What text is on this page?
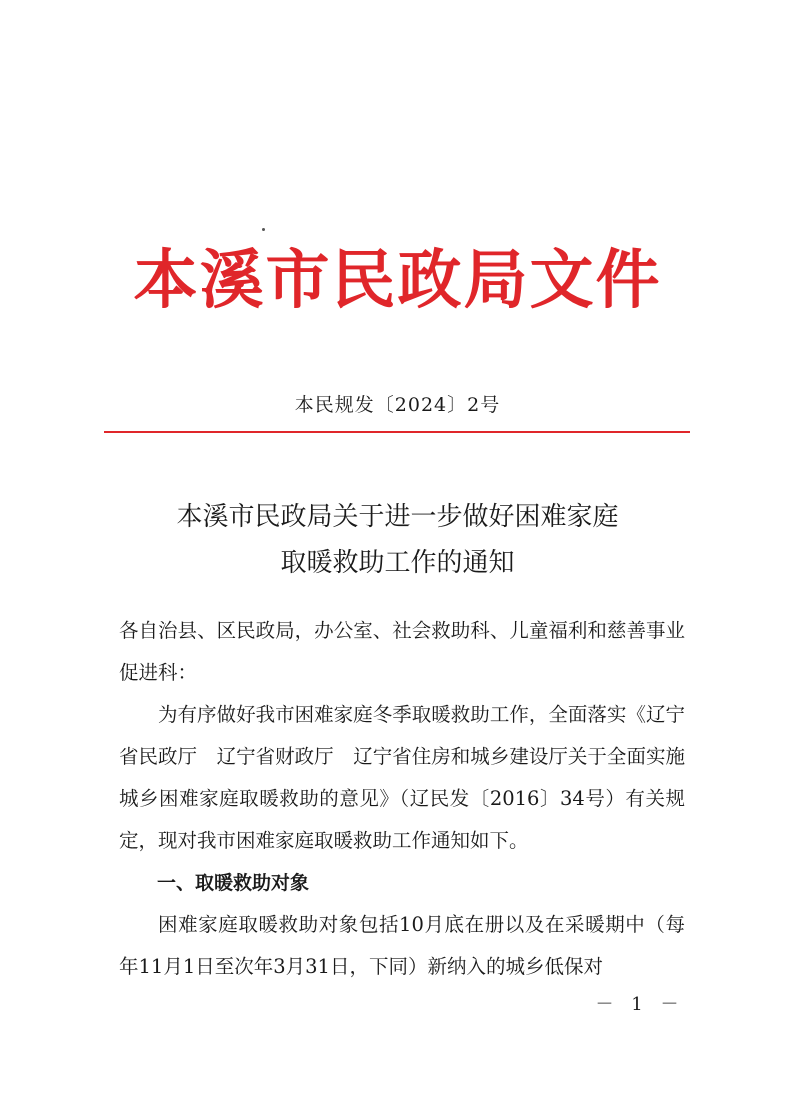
本溪市民政局文件
本民规发〔2024〕2号
本溪市民政局关于进一步做好困难家庭
取暖救助工作的通知

各自治县、区民政局，办公室、社会救助科、儿童福利和慈善事业促进科：

为有序做好我市困难家庭冬季取暖救助工作，全面落实《辽宁省民政厅　辽宁省财政厅　辽宁省住房和城乡建设厅关于全面实施城乡困难家庭取暖救助的意见》（辽民发〔2016〕34号）有关规定，现对我市困难家庭取暖救助工作通知如下。

一、取暖救助对象

困难家庭取暖救助对象包括10月底在册以及在采暖期中（每年11月1日至次年3月31日，下同）新纳入的城乡低保对

－ 1 －
